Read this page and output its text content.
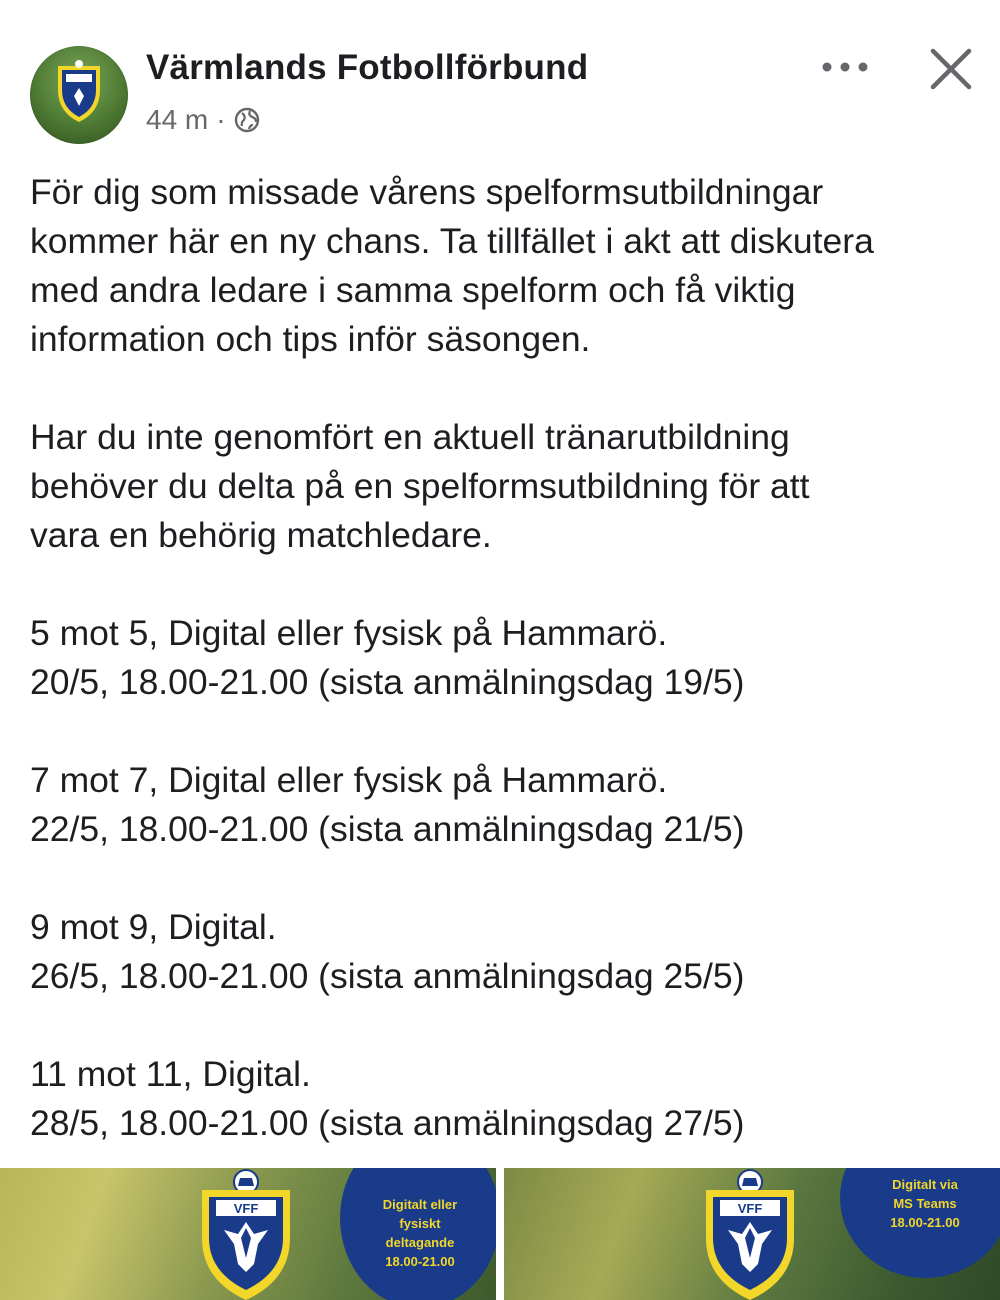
Värmlands Fotbollförbund
44 m ·
För dig som missade vårens spelformsutbildningar
kommer här en ny chans. Ta tillfället i akt att diskutera
med andra ledare i samma spelform och få viktig
information och tips inför säsongen.
Har du inte genomfört en aktuell tränarutbildning
behöver du delta på en spelformsutbildning för att
vara en behörig matchledare.
5 mot 5, Digital eller fysisk på Hammarö.
20/5, 18.00-21.00 (sista anmälningsdag 19/5)
7 mot 7, Digital eller fysisk på Hammarö.
22/5, 18.00-21.00 (sista anmälningsdag 21/5)
9 mot 9, Digital.
26/5, 18.00-21.00 (sista anmälningsdag 25/5)
11 mot 11, Digital.
28/5, 18.00-21.00 (sista anmälningsdag 27/5)
VFF	Digitalt eller
fysiskt
deltagande
18.00-21.00
VFF
Digitalt via
MS Teams
18.00-21.00
